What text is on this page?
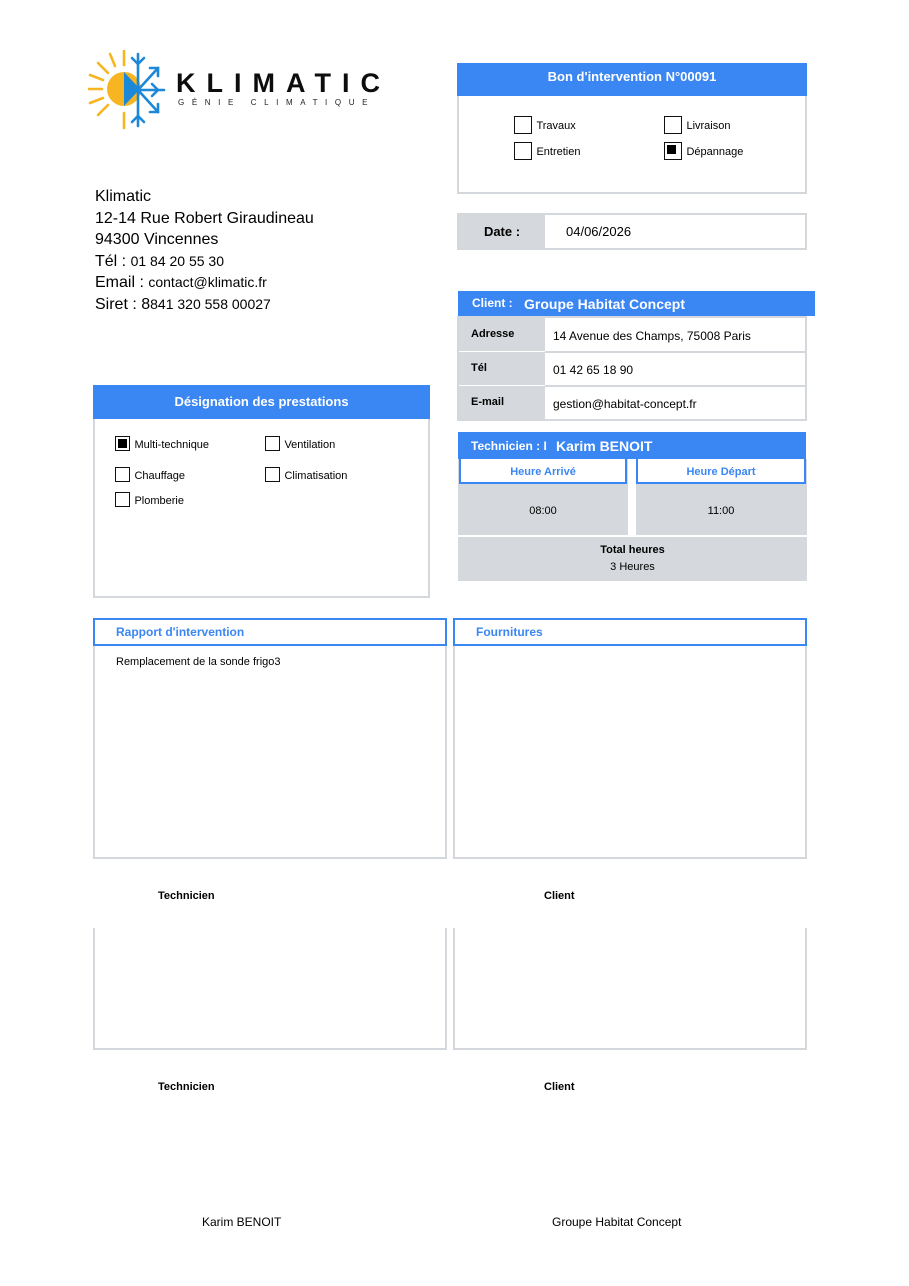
KLIMATIC
GÉNIE CLIMATIQUE
Klimatic
12-14 Rue Robert Giraudineau
94300 Vincennes
Tél : 01 84 20 55 30
Email : contact@klimatic.fr
Siret : 8841 320 558 00027
Bon d'intervention N°00091
Travaux	Livraison
Entretien	Dépannage
Date :	04/06/2026
Client : Groupe Habitat Concept
Adresse	14 Avenue des Champs, 75008 Paris
Tél	01 42 65 18 90
E-mail	gestion@habitat-concept.fr
Désignation des prestations
Multi-technique	Ventilation
Chauffage	Climatisation
Plomberie
Technicien : I Karim BENOIT
Heure Arrivé	Heure Départ
08:00	11:00
Total heures
3 Heures
Rapport d'intervention
Remplacement de la sonde frigo3
Fournitures
Technicien	Client
Technicien	Client
Karim BENOIT	Groupe Habitat Concept
